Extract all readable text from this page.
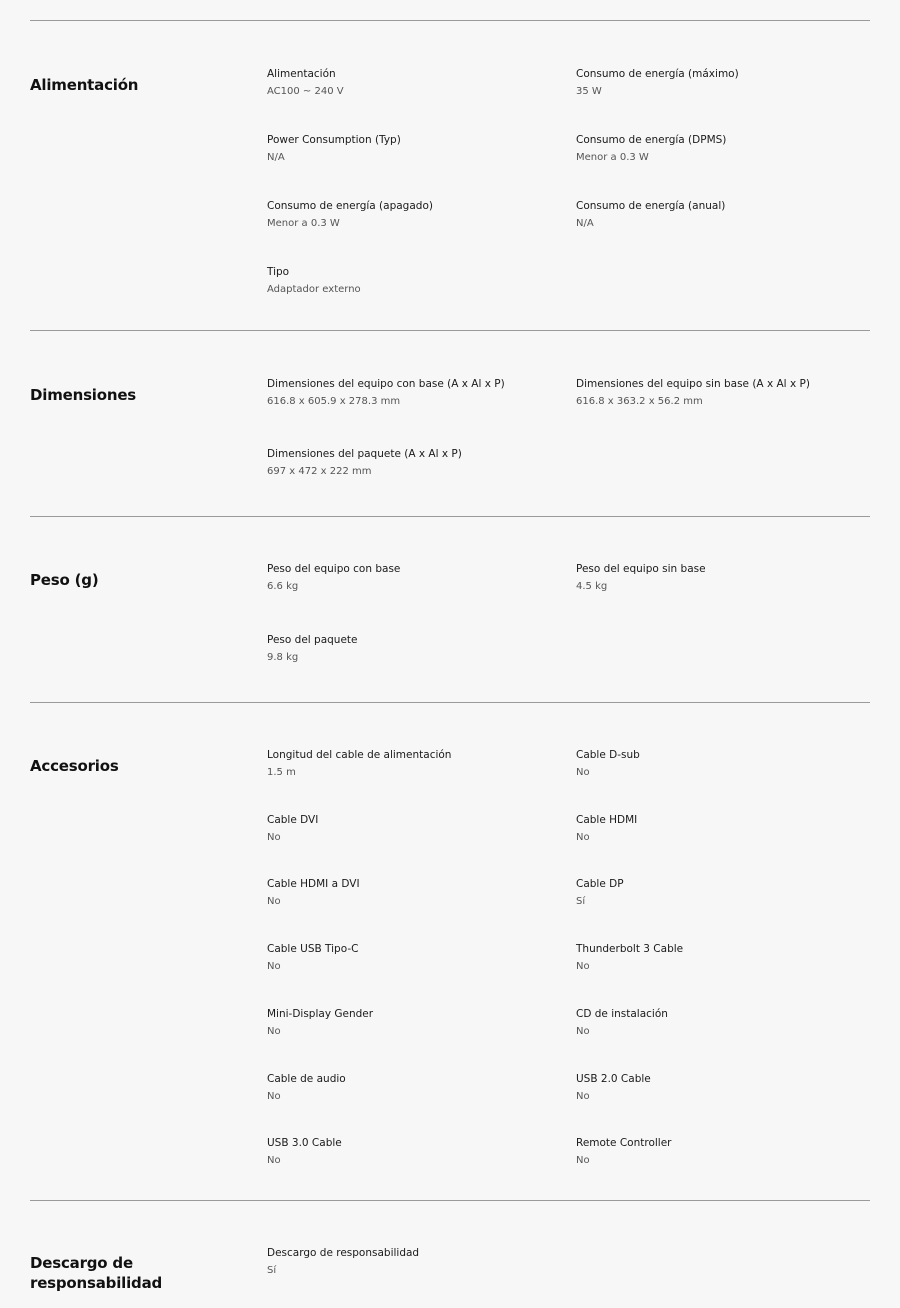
Alimentación
Alimentación
AC100 ~ 240 V
Consumo de energía (máximo)
35 W
Power Consumption (Typ)
N/A
Consumo de energía (DPMS)
Menor a 0.3 W
Consumo de energía (apagado)
Menor a 0.3 W
Consumo de energía (anual)
N/A
Tipo
Adaptador externo
Dimensiones
Dimensiones del equipo con base (A x Al x P)
616.8 x 605.9 x 278.3 mm
Dimensiones del equipo sin base (A x Al x P)
616.8 x 363.2 x 56.2 mm
Dimensiones del paquete (A x Al x P)
697 x 472 x 222 mm
Peso (g)
Peso del equipo con base
6.6 kg
Peso del equipo sin base
4.5 kg
Peso del paquete
9.8 kg
Accesorios
Longitud del cable de alimentación
1.5 m
Cable D-sub
No
Cable DVI
No
Cable HDMI
No
Cable HDMI a DVI
No
Cable DP
Sí
Cable USB Tipo-C
No
Thunderbolt 3 Cable
No
Mini-Display Gender
No
CD de instalación
No
Cable de audio
No
USB 2.0 Cable
No
USB 3.0 Cable
No
Remote Controller
No
Descargo de responsabilidad
Descargo de responsabilidad
Sí
